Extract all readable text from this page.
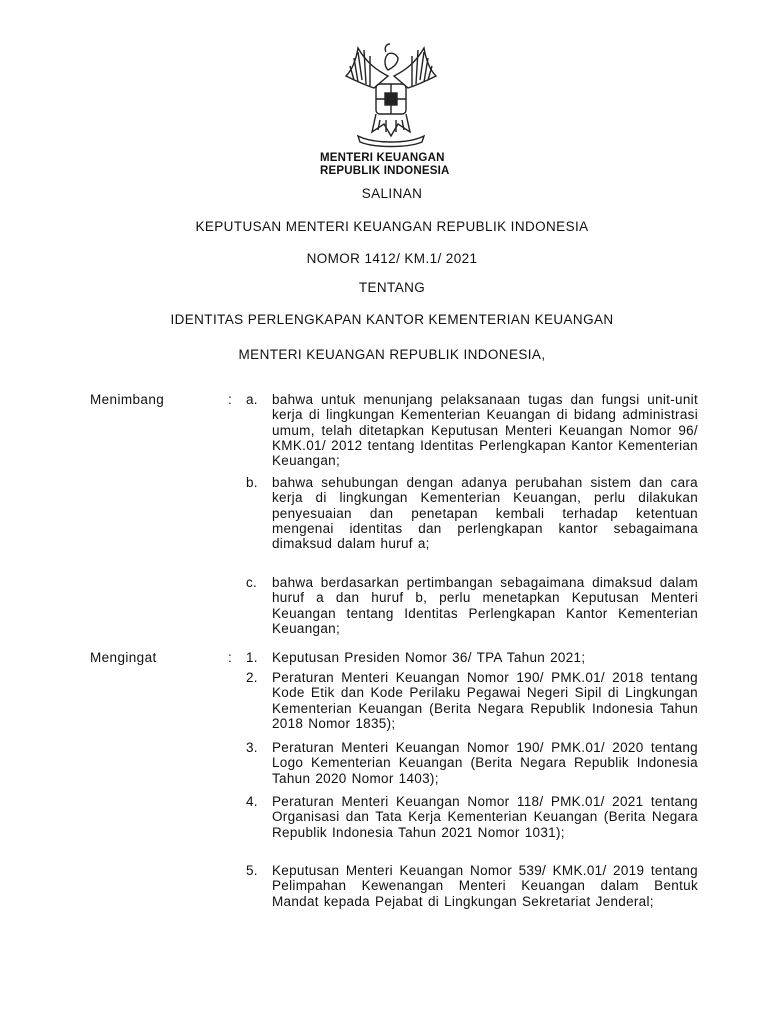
MENTERI KEUANGAN
REPUBLIK INDONESIA
SALINAN
KEPUTUSAN MENTERI KEUANGAN REPUBLIK INDONESIA
NOMOR 1412/ KM.1/ 2021
TENTANG
IDENTITAS PERLENGKAPAN KANTOR KEMENTERIAN KEUANGAN
MENTERI KEUANGAN REPUBLIK INDONESIA,
Menimbang	: a. bahwa untuk menunjang pelaksanaan tugas dan fungsi unit-unit kerja di lingkungan Kementerian Keuangan di bidang administrasi umum, telah ditetapkan Keputusan Menteri Keuangan Nomor 96/ KMK.01/ 2012 tentang Identitas Perlengkapan Kantor Kementerian Keuangan;
b. bahwa sehubungan dengan adanya perubahan sistem dan cara kerja di lingkungan Kementerian Keuangan, perlu dilakukan penyesuaian dan penetapan kembali terhadap ketentuan mengenai identitas dan perlengkapan kantor sebagaimana dimaksud dalam huruf a;
c. bahwa berdasarkan pertimbangan sebagaimana dimaksud dalam huruf a dan huruf b, perlu menetapkan Keputusan Menteri Keuangan tentang Identitas Perlengkapan Kantor Kementerian Keuangan;
Mengingat	: 1. Keputusan Presiden Nomor 36/ TPA Tahun 2021;
2. Peraturan Menteri Keuangan Nomor 190/ PMK.01/ 2018 tentang Kode Etik dan Kode Perilaku Pegawai Negeri Sipil di Lingkungan Kementerian Keuangan (Berita Negara Republik Indonesia Tahun 2018 Nomor 1835);
3. Peraturan Menteri Keuangan Nomor 190/ PMK.01/ 2020 tentang Logo Kementerian Keuangan (Berita Negara Republik Indonesia Tahun 2020 Nomor 1403);
4. Peraturan Menteri Keuangan Nomor 118/ PMK.01/ 2021 tentang Organisasi dan Tata Kerja Kementerian Keuangan (Berita Negara Republik Indonesia Tahun 2021 Nomor 1031);
5. Keputusan Menteri Keuangan Nomor 539/ KMK.01/ 2019 tentang Pelimpahan Kewenangan Menteri Keuangan dalam Bentuk Mandat kepada Pejabat di Lingkungan Sekretariat Jenderal;
